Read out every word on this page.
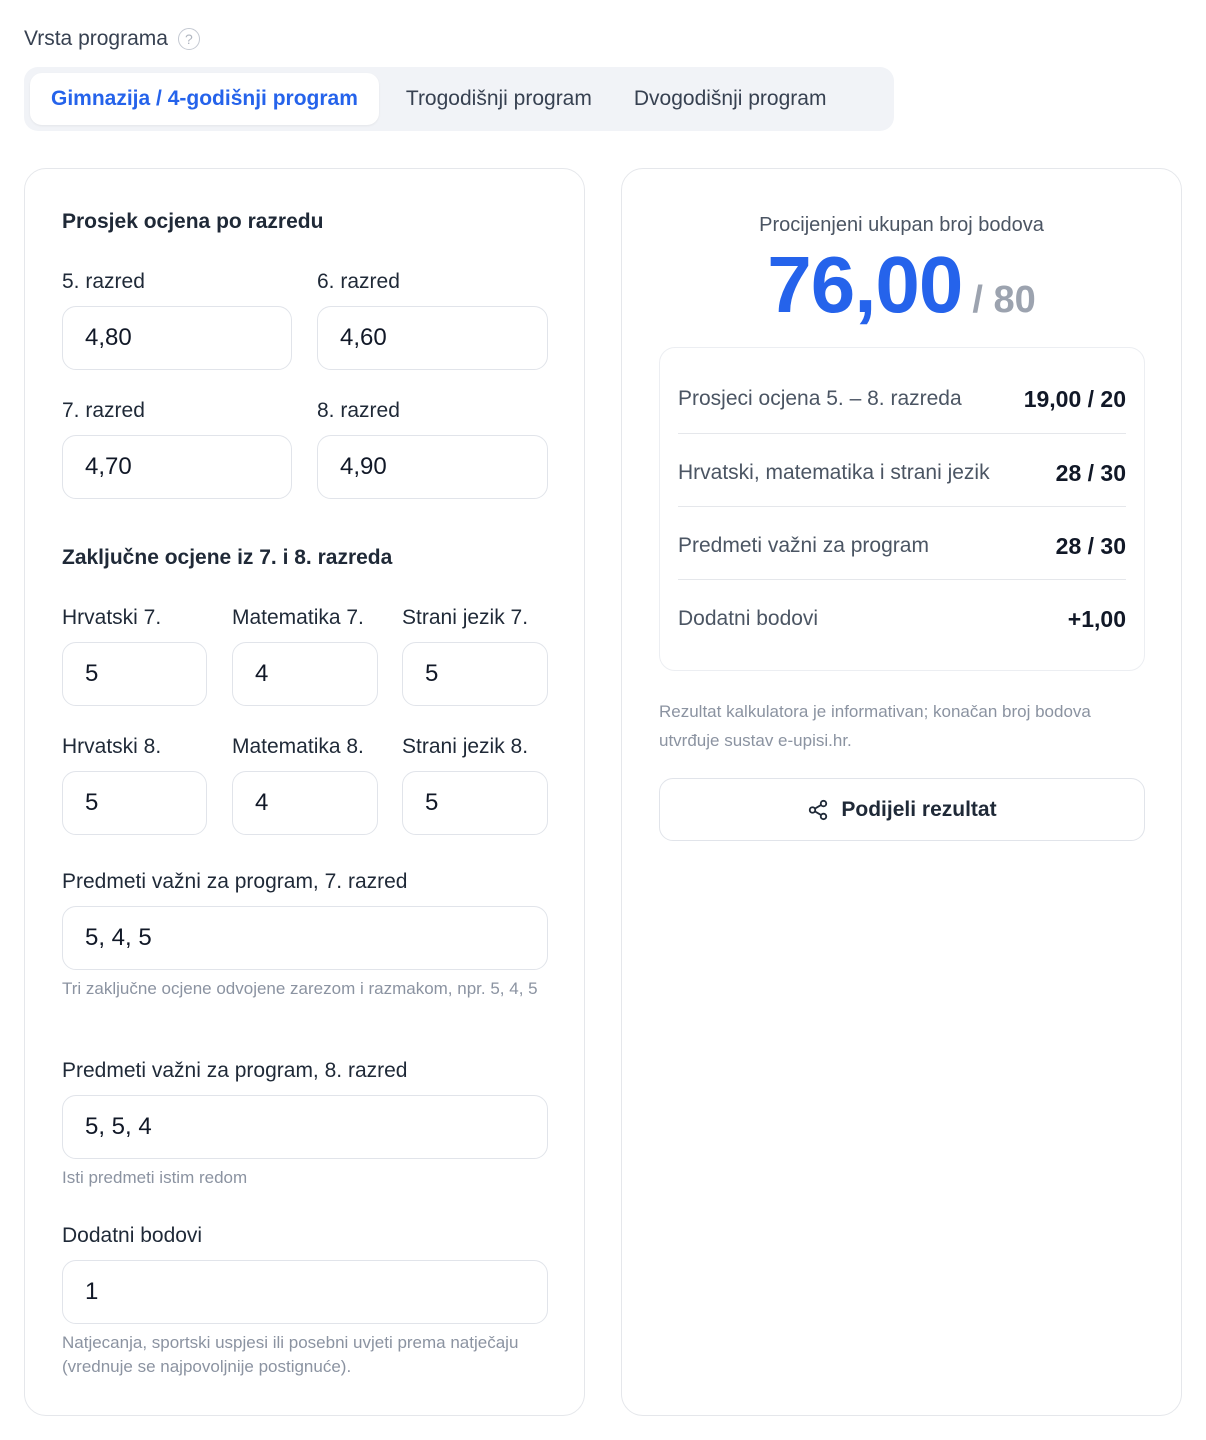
Vrsta programa	?
Gimnazija / 4-godišnji program	Trogodišnji program	Dvogodišnji program
Prosjek ocjena po razredu
5. razred
4,80
6. razred
4,60
7. razred
4,70
8. razred
4,90
Zaključne ocjene iz 7. i 8. razreda
Hrvatski 7.
5
Matematika 7.
4
Strani jezik 7.
5
Hrvatski 8.
5
Matematika 8.
4
Strani jezik 8.
5
Predmeti važni za program, 7. razred
5, 4, 5
Tri zaključne ocjene odvojene zarezom i razmakom, npr. 5, 4, 5
Predmeti važni za program, 8. razred
5, 5, 4
Isti predmeti istim redom
Dodatni bodovi
1
Natjecanja, sportski uspjesi ili posebni uvjeti prema natječaju (vrednuje se najpovoljnije postignuće).
Procijenjeni ukupan broj bodova
76,00 / 80
Prosjeci ocjena 5. – 8. razreda	19,00 / 20
Hrvatski, matematika i strani jezik	28 / 30
Predmeti važni za program	28 / 30
Dodatni bodovi	+1,00
Rezultat kalkulatora je informativan; konačan broj bodova utvrđuje sustav e-upisi.hr.
Podijeli rezultat
